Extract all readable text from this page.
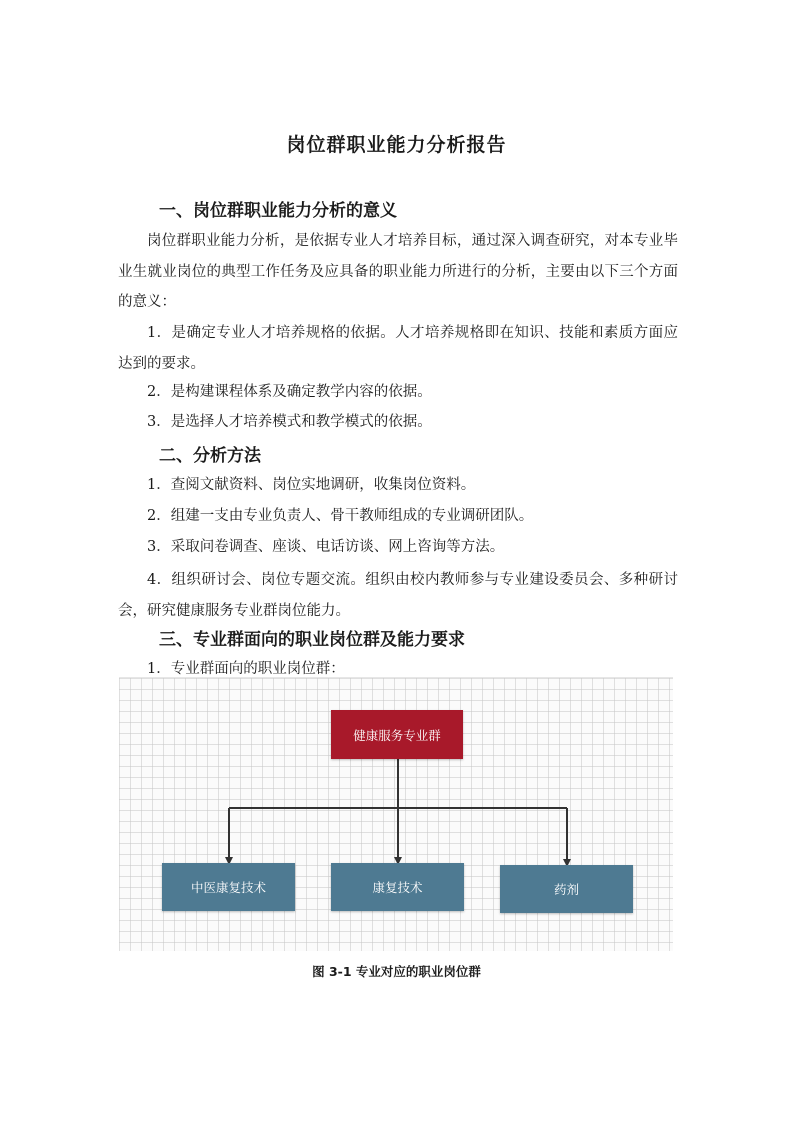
岗位群职业能力分析报告
一、岗位群职业能力分析的意义
岗位群职业能力分析，是依据专业人才培养目标，通过深入调查研究，对本专业毕业生就业岗位的典型工作任务及应具备的职业能力所进行的分析，主要由以下三个方面的意义：
1．是确定专业人才培养规格的依据。人才培养规格即在知识、技能和素质方面应达到的要求。
2．是构建课程体系及确定教学内容的依据。
3．是选择人才培养模式和教学模式的依据。
二、分析方法
1．查阅文献资料、岗位实地调研，收集岗位资料。
2．组建一支由专业负责人、骨干教师组成的专业调研团队。
3．采取问卷调查、座谈、电话访谈、网上咨询等方法。
4．组织研讨会、岗位专题交流。组织由校内教师参与专业建设委员会、多种研讨会，研究健康服务专业群岗位能力。
三、专业群面向的职业岗位群及能力要求
1．专业群面向的职业岗位群：
健康服务专业群
中医康复技术	康复技术	药剂
图 3-1 专业对应的职业岗位群
